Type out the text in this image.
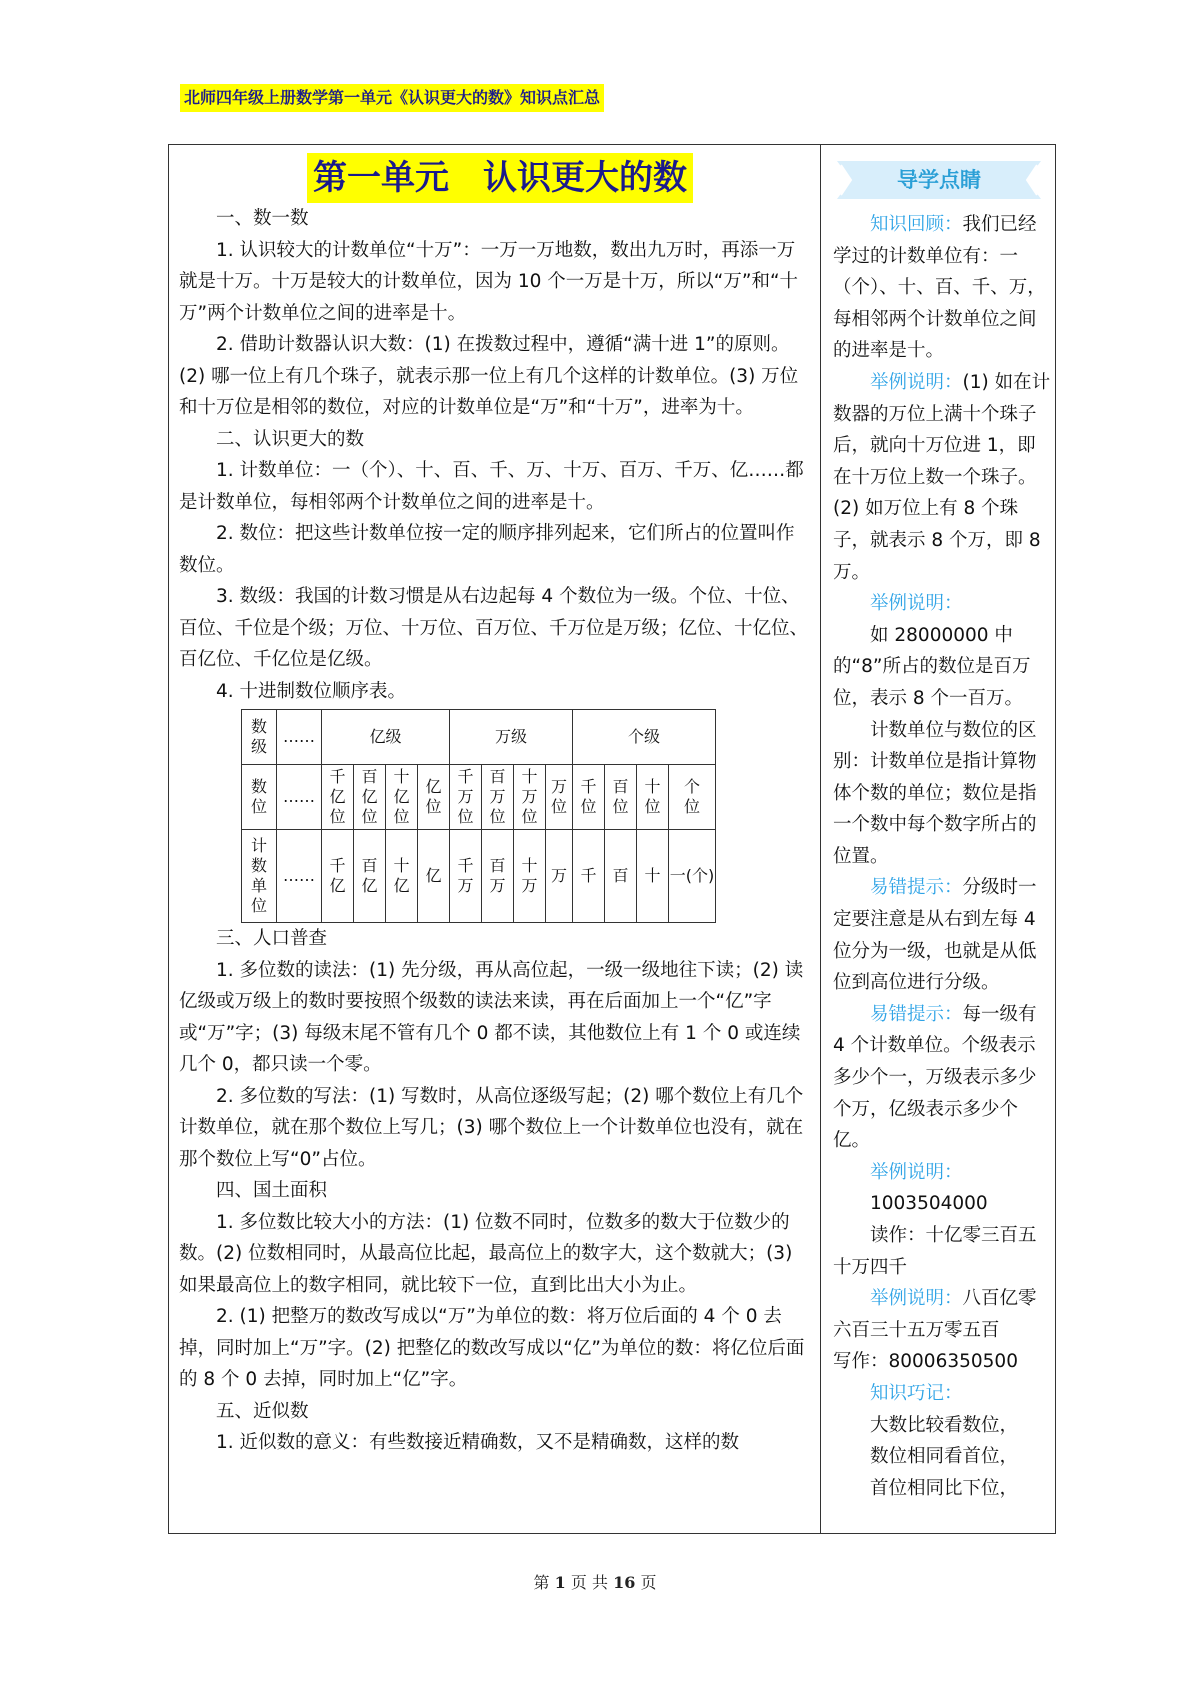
北师四年级上册数学第一单元《认识更大的数》知识点汇总
第一单元　认识更大的数

一、数一数

1. 认识较大的计数单位“十万”：一万一万地数，数出九万时，再添一万就是十万。十万是较大的计数单位，因为 10 个一万是十万，所以“万”和“十万”两个计数单位之间的进率是十。

2. 借助计数器认识大数：(1) 在拨数过程中，遵循“满十进 1”的原则。(2) 哪一位上有几个珠子，就表示那一位上有几个这样的计数单位。(3) 万位和十万位是相邻的数位，对应的计数单位是“万”和“十万”，进率为十。

二、认识更大的数

1. 计数单位：一（个）、十、百、千、万、十万、百万、千万、亿……都是计数单位，每相邻两个计数单位之间的进率是十。

2. 数位：把这些计数单位按一定的顺序排列起来，它们所占的位置叫作数位。

3. 数级：我国的计数习惯是从右边起每 4 个数位为一级。个位、十位、百位、千位是个级；万位、十万位、百万位、千万位是万级；亿位、十亿位、百亿位、千亿位是亿级。

4. 十进制数位顺序表。

数级	……	亿级				万级				个级			
数位	……	千亿位	百亿位	十亿位	亿位	千万位	百万位	十万位	万位	千位	百位	十位	个位
计数单位	……	千亿	百亿	十亿	亿	千万	百万	十万	万	千	百	十	一(个)

三、人口普查

1. 多位数的读法：(1) 先分级，再从高位起，一级一级地往下读；(2) 读亿级或万级上的数时要按照个级数的读法来读，再在后面加上一个“亿”字或“万”字；(3) 每级末尾不管有几个 0 都不读，其他数位上有 1 个 0 或连续几个 0，都只读一个零。

2. 多位数的写法：(1) 写数时，从高位逐级写起；(2) 哪个数位上有几个计数单位，就在那个数位上写几；(3) 哪个数位上一个计数单位也没有，就在那个数位上写“0”占位。

四、国土面积

1. 多位数比较大小的方法：(1) 位数不同时，位数多的数大于位数少的数。(2) 位数相同时，从最高位比起，最高位上的数字大，这个数就大；(3) 如果最高位上的数字相同，就比较下一位，直到比出大小为止。

2. (1) 把整万的数改写成以“万”为单位的数：将万位后面的 4 个 0 去掉，同时加上“万”字。(2) 把整亿的数改写成以“亿”为单位的数：将亿位后面的 8 个 0 去掉，同时加上“亿”字。

五、近似数

1. 近似数的意义：有些数接近精确数，又不是精确数，这样的数

导学点睛

知识回顾：我们已经学过的计数单位有：一（个）、十、百、千、万，每相邻两个计数单位之间的进率是十。

举例说明：(1) 如在计数器的万位上满十个珠子后，就向十万位进 1，即在十万位上数一个珠子。(2) 如万位上有 8 个珠子，就表示 8 个万，即 8 万。

举例说明：

如 28000000 中的“8”所占的数位是百万位，表示 8 个一百万。

计数单位与数位的区别：计数单位是指计算物体个数的单位；数位是指一个数中每个数字所占的位置。

易错提示：分级时一定要注意是从右到左每 4 位分为一级，也就是从低位到高位进行分级。

易错提示：每一级有 4 个计数单位。个级表示多少个一，万级表示多少个万，亿级表示多少个亿。

举例说明：

1003504000

读作：十亿零三百五十万四千

举例说明：八百亿零六百三十五万零五百

写作：80006350500

知识巧记：

大数比较看数位，

数位相同看首位，

首位相同比下位，

第 1 页 共 16 页
